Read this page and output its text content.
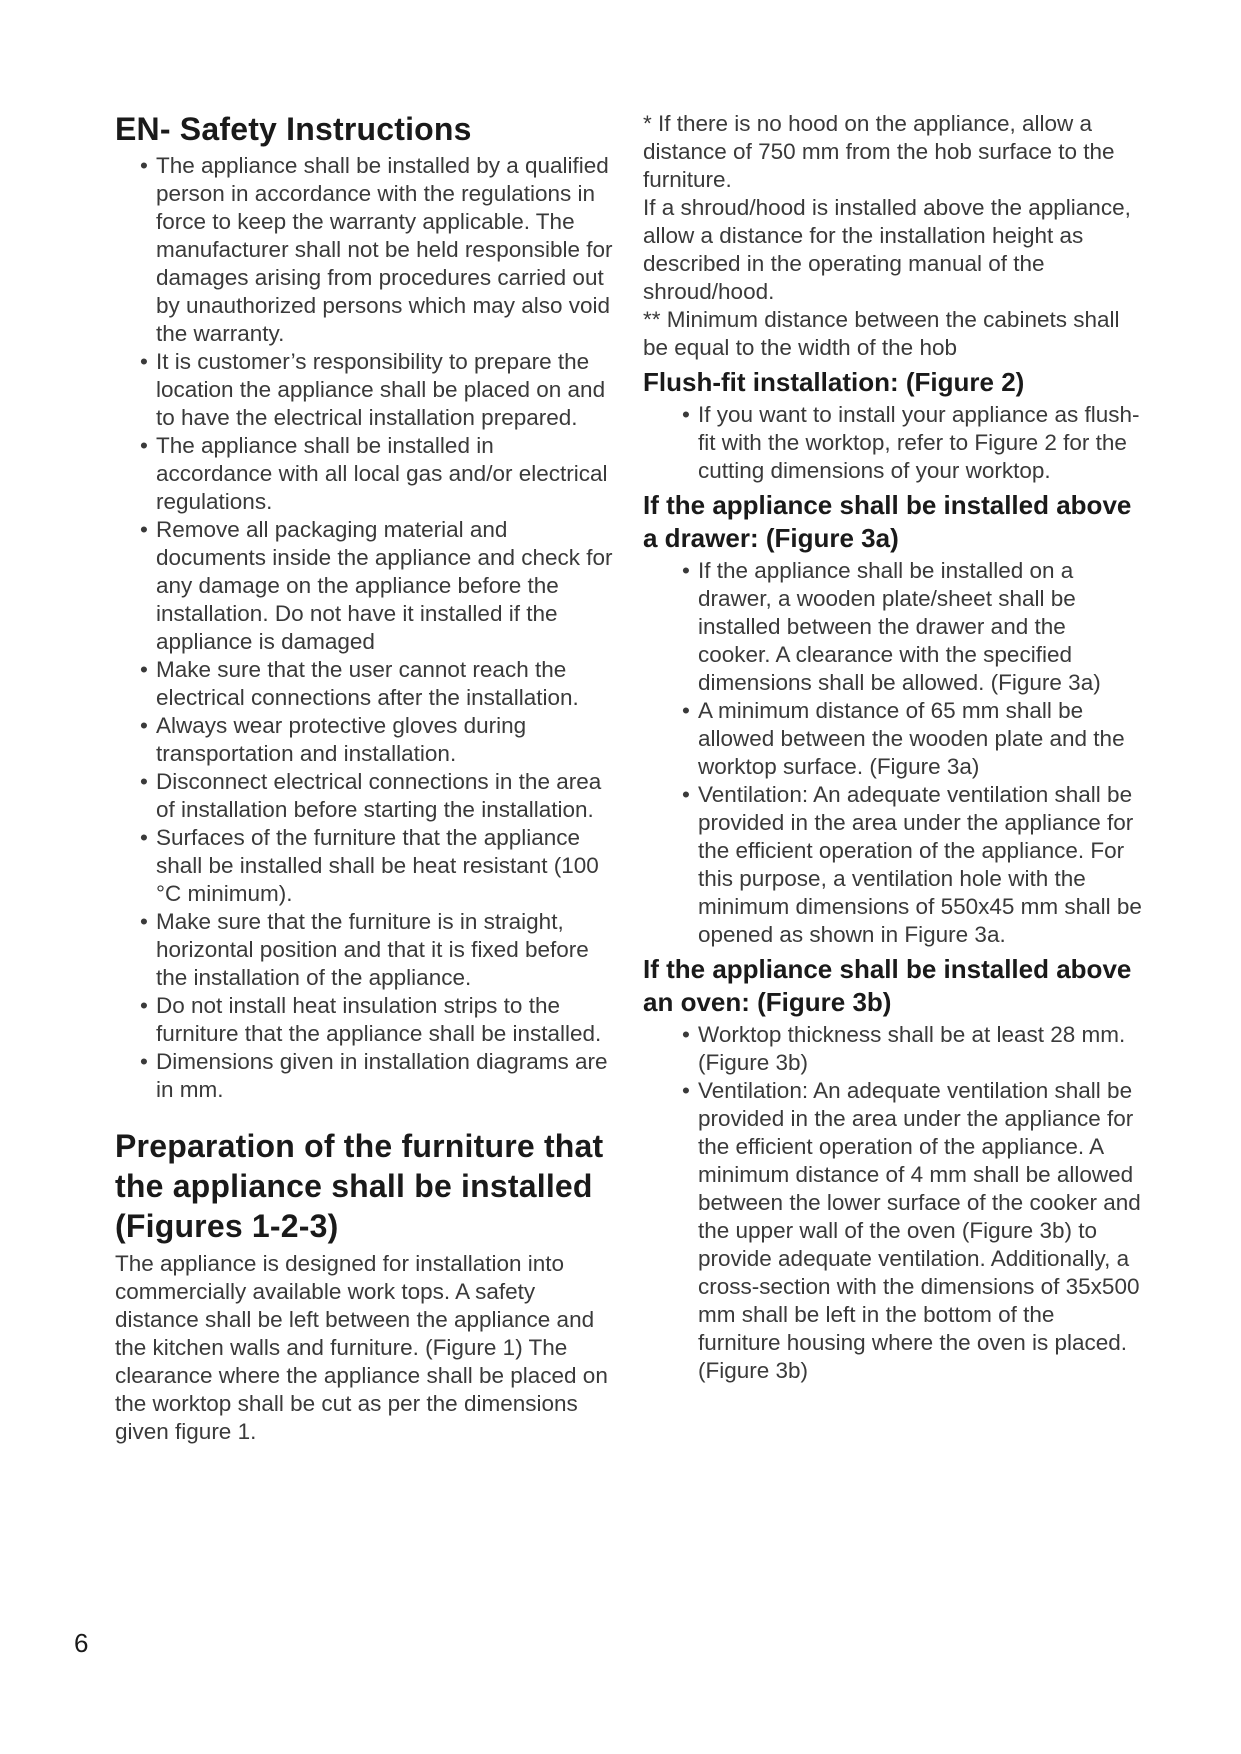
EN- Safety Instructions
• The appliance shall be installed by a qualified person in accordance with the regulations in force to keep the warranty applicable. The manufacturer shall not be held responsible for damages arising from procedures carried out by unauthorized persons which may also void the warranty.
• It is customer’s responsibility to prepare the location the appliance shall be placed on and to have the electrical installation prepared.
• The appliance shall be installed in accordance with all local gas and/or electrical regulations.
• Remove all packaging material and documents inside the appliance and check for any damage on the appliance before the installation. Do not have it installed if the appliance is damaged
• Make sure that the user cannot reach the electrical connections after the installation.
• Always wear protective gloves during transportation and installation.
• Disconnect electrical connections in the area of installation before starting the installation.
• Surfaces of the furniture that the appliance shall be installed shall be heat resistant (100 °C minimum).
• Make sure that the furniture is in straight, horizontal position and that it is fixed before the installation of the appliance.
• Do not install heat insulation strips to the furniture that the appliance shall be installed.
• Dimensions given in installation diagrams are in mm.
Preparation of the furniture that the appliance shall be installed (Figures 1-2-3)

The appliance is designed for installation into commercially available work tops. A safety distance shall be left between the appliance and the kitchen walls and furniture. (Figure 1) The clearance where the appliance shall be placed on the worktop shall be cut as per the dimensions given figure 1.

* If there is no hood on the appliance, allow a distance of 750 mm from the hob surface to the furniture.

If a shroud/hood is installed above the appliance, allow a distance for the installation height as described in the operating manual of the shroud/hood.

** Minimum distance between the cabinets shall be equal to the width of the hob

Flush-fit installation: (Figure 2)
• If you want to install your appliance as flush-fit with the worktop, refer to Figure 2 for the cutting dimensions of your worktop.
If the appliance shall be installed above a drawer: (Figure 3a)
• If the appliance shall be installed on a drawer, a wooden plate/sheet shall be installed between the drawer and the cooker. A clearance with the specified dimensions shall be allowed. (Figure 3a)
• A minimum distance of 65 mm shall be allowed between the wooden plate and the worktop surface. (Figure 3a)
• Ventilation: An adequate ventilation shall be provided in the area under the appliance for the efficient operation of the appliance. For this purpose, a ventilation hole with the minimum dimensions of 550x45 mm shall be opened as shown in Figure 3a.
If the appliance shall be installed above an oven: (Figure 3b)
• Worktop thickness shall be at least 28 mm. (Figure 3b)
• Ventilation: An adequate ventilation shall be provided in the area under the appliance for the efficient operation of the appliance. A minimum distance of 4 mm shall be allowed between the lower surface of the cooker and the upper wall of the oven (Figure 3b) to provide adequate ventilation. Additionally, a cross-section with the dimensions of 35x500 mm shall be left in the bottom of the furniture housing where the oven is placed. (Figure 3b)
6
